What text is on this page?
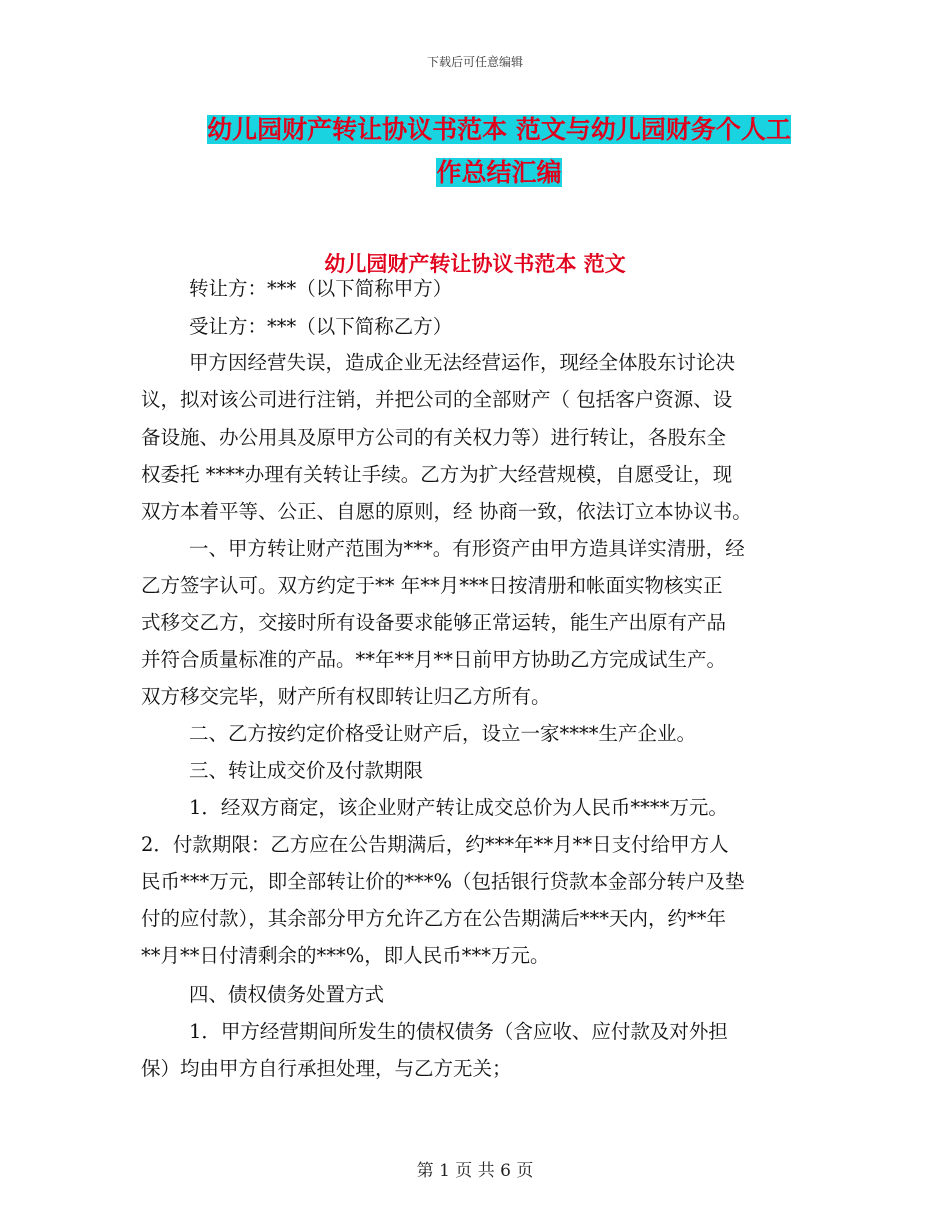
下载后可任意编辑
幼儿园财产转让协议书范本 范文与幼儿园财务个人工
作总结汇编
幼儿园财产转让协议书范本 范文
转让方：***（以下简称甲方）
受让方：***（以下简称乙方）
甲方因经营失误，造成企业无法经营运作，现经全体股东讨论决
议，拟对该公司进行注销，并把公司的全部财产（ 包括客户资源、设
备设施、办公用具及原甲方公司的有关权力等）进行转让，各股东全
权委托 ****办理有关转让手续。乙方为扩大经营规模，自愿受让，现
双方本着平等、公正、自愿的原则，经 协商一致，依法订立本协议书。
一、甲方转让财产范围为***。有形资产由甲方造具详实清册，经
乙方签字认可。双方约定于** 年**月***日按清册和帐面实物核实正
式移交乙方，交接时所有设备要求能够正常运转，能生产出原有产品
并符合质量标准的产品。**年**月**日前甲方协助乙方完成试生产。
双方移交完毕，财产所有权即转让归乙方所有。
二、乙方按约定价格受让财产后，设立一家****生产企业。
三、转让成交价及付款期限
1．经双方商定，该企业财产转让成交总价为人民币****万元。
2．付款期限：乙方应在公告期满后，约***年**月**日支付给甲方人
民币***万元，即全部转让价的***%（包括银行贷款本金部分转户及垫
付的应付款），其余部分甲方允许乙方在公告期满后***天内，约**年
**月**日付清剩余的***%，即人民币***万元。
四、债权债务处置方式
1．甲方经营期间所发生的债权债务（含应收、应付款及对外担
保）均由甲方自行承担处理，与乙方无关；
第 1 页 共 6 页
